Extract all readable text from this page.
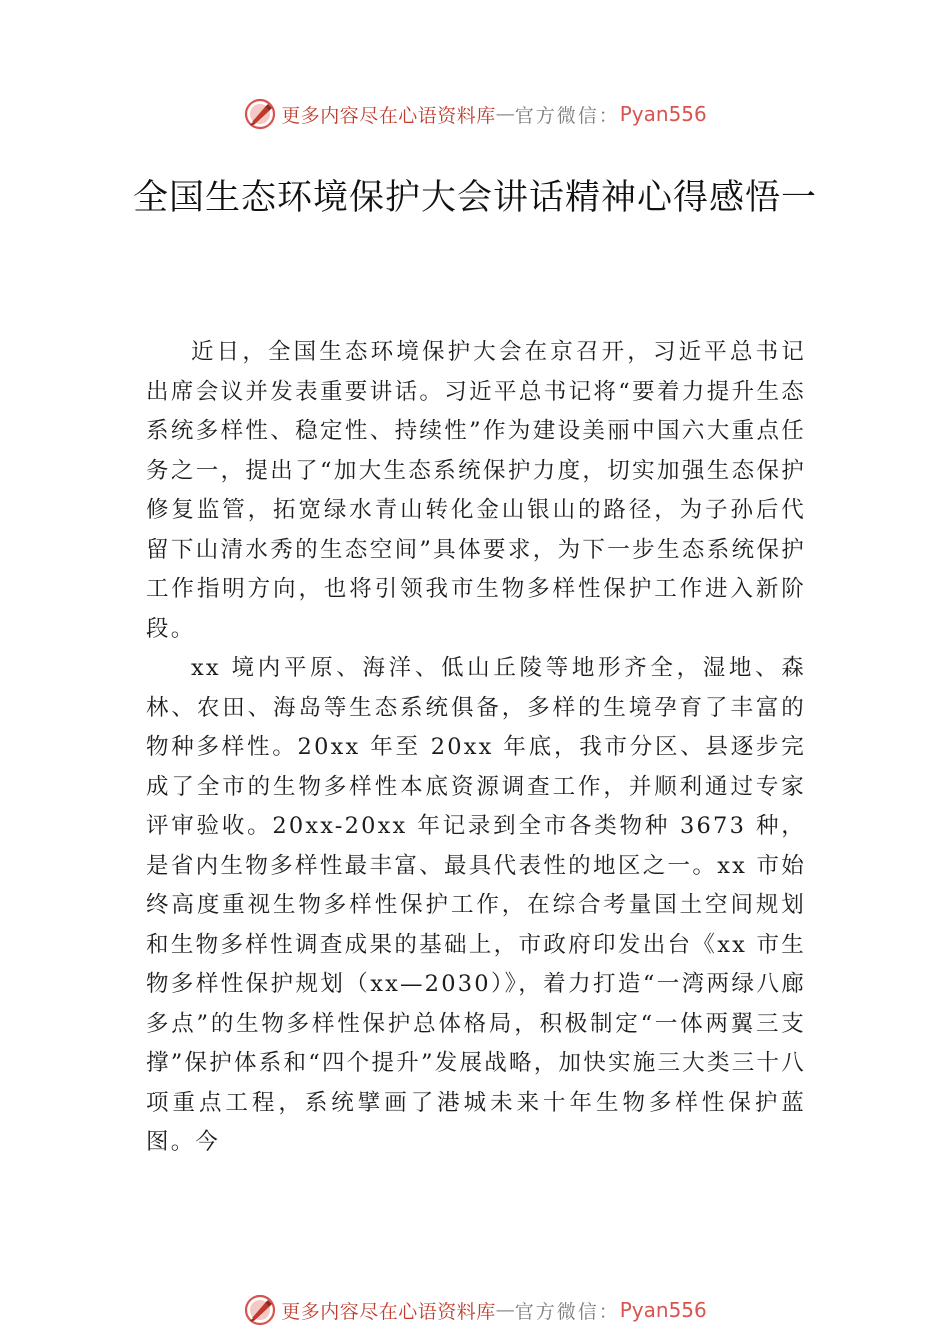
更多内容尽在心语资料库 — 官方微信： Pyan556
全国生态环境保护大会讲话精神心得感悟一

近日，全国生态环境保护大会在京召开，习近平总书记出席会议并发表重要讲话。习近平总书记将“要着力提升生态系统多样性、稳定性、持续性”作为建设美丽中国六大重点任务之一，提出了“加大生态系统保护力度，切实加强生态保护修复监管，拓宽绿水青山转化金山银山的路径，为子孙后代留下山清水秀的生态空间”具体要求，为下一步生态系统保护工作指明方向，也将引领我市生物多样性保护工作进入新阶段。

xx 境内平原、海洋、低山丘陵等地形齐全，湿地、森林、农田、海岛等生态系统俱备，多样的生境孕育了丰富的物种多样性。20xx 年至 20xx 年底，我市分区、县逐步完成了全市的生物多样性本底资源调查工作，并顺利通过专家评审验收。20xx-20xx 年记录到全市各类物种 3673 种，是省内生物多样性最丰富、最具代表性的地区之一。xx 市始终高度重视生物多样性保护工作，在综合考量国土空间规划和生物多样性调查成果的基础上，市政府印发出台《xx 市生物多样性保护规划（xx—2030）》，着力打造“一湾两绿八廊多点”的生物多样性保护总体格局，积极制定“一体两翼三支撑”保护体系和“四个提升”发展战略，加快实施三大类三十八项重点工程，系统擘画了港城未来十年生物多样性保护蓝图。今

更多内容尽在心语资料库 — 官方微信： Pyan556
